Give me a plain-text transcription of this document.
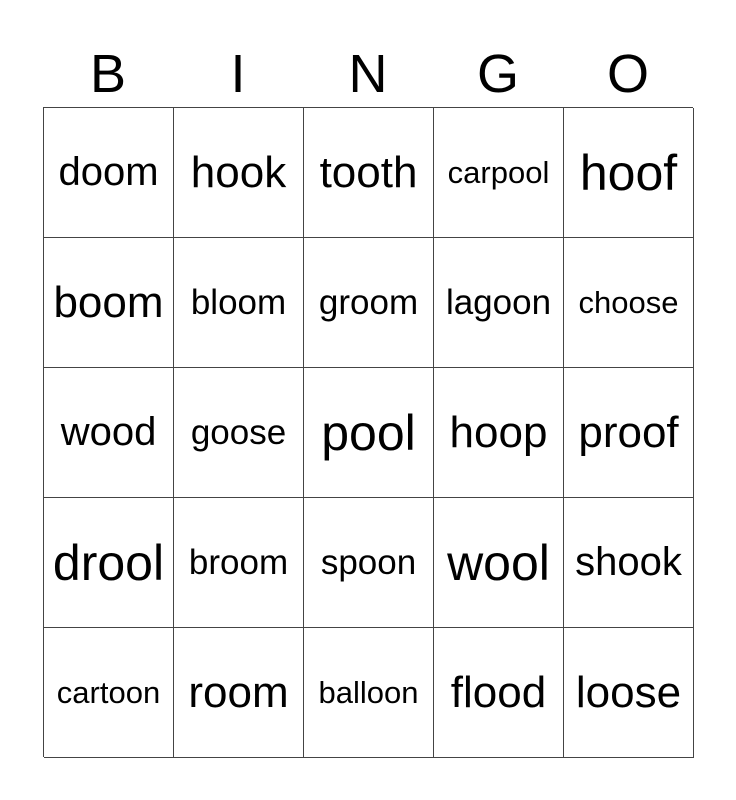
B	I	N	G	O
doom hook tooth carpool hoof
boom bloom groom lagoon choose
wood goose pool hoop proof
drool broom spoon wool shook
cartoon room balloon flood loose
